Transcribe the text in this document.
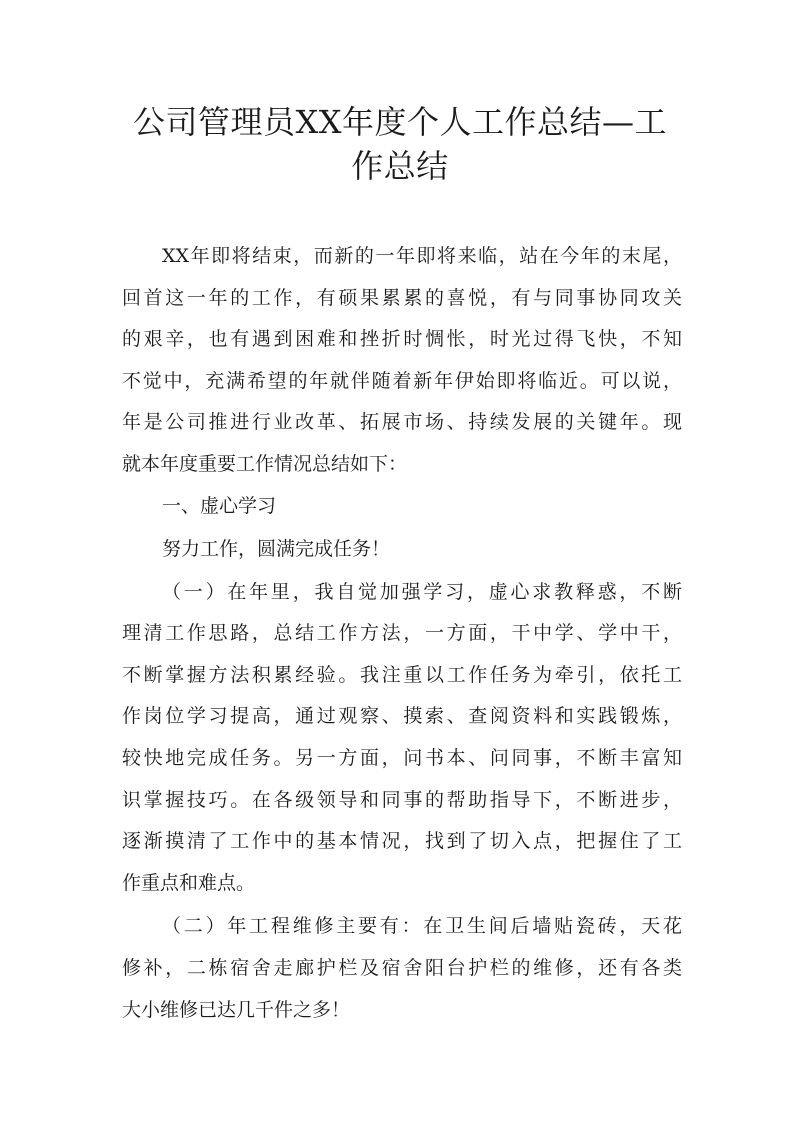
公司管理员XX年度个人工作总结—工
作总结

XX年即将结束，而新的一年即将来临，站在今年的末尾，

回首这一年的工作，有硕果累累的喜悦，有与同事协同攻关

的艰辛，也有遇到困难和挫折时惆怅，时光过得飞快，不知

不觉中，充满希望的年就伴随着新年伊始即将临近。可以说，

年是公司推进行业改革、拓展市场、持续发展的关键年。现

就本年度重要工作情况总结如下：

一、虚心学习

努力工作，圆满完成任务！

（一）在年里，我自觉加强学习，虚心求教释惑，不断

理清工作思路，总结工作方法，一方面，干中学、学中干，

不断掌握方法积累经验。我注重以工作任务为牵引，依托工

作岗位学习提高，通过观察、摸索、查阅资料和实践锻炼，

较快地完成任务。另一方面，问书本、问同事，不断丰富知

识掌握技巧。在各级领导和同事的帮助指导下，不断进步，

逐渐摸清了工作中的基本情况，找到了切入点，把握住了工

作重点和难点。

（二）年工程维修主要有：在卫生间后墙贴瓷砖，天花

修补，二栋宿舍走廊护栏及宿舍阳台护栏的维修，还有各类

大小维修已达几千件之多！
